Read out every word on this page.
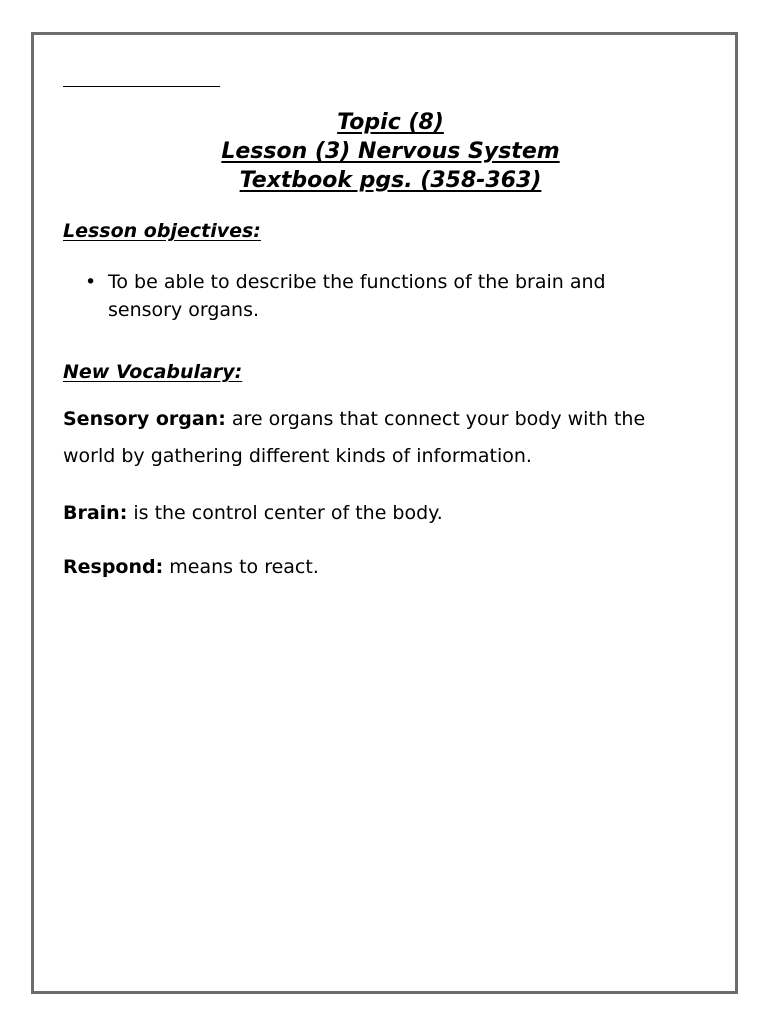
Topic (8)
Lesson (3) Nervous System
Textbook pgs. (358-363)
Lesson objectives:
• To be able to describe the functions of the brain and sensory organs.
New Vocabulary:
Sensory organ: are organs that connect your body with the world by gathering different kinds of information.
Brain: is the control center of the body.
Respond: means to react.
